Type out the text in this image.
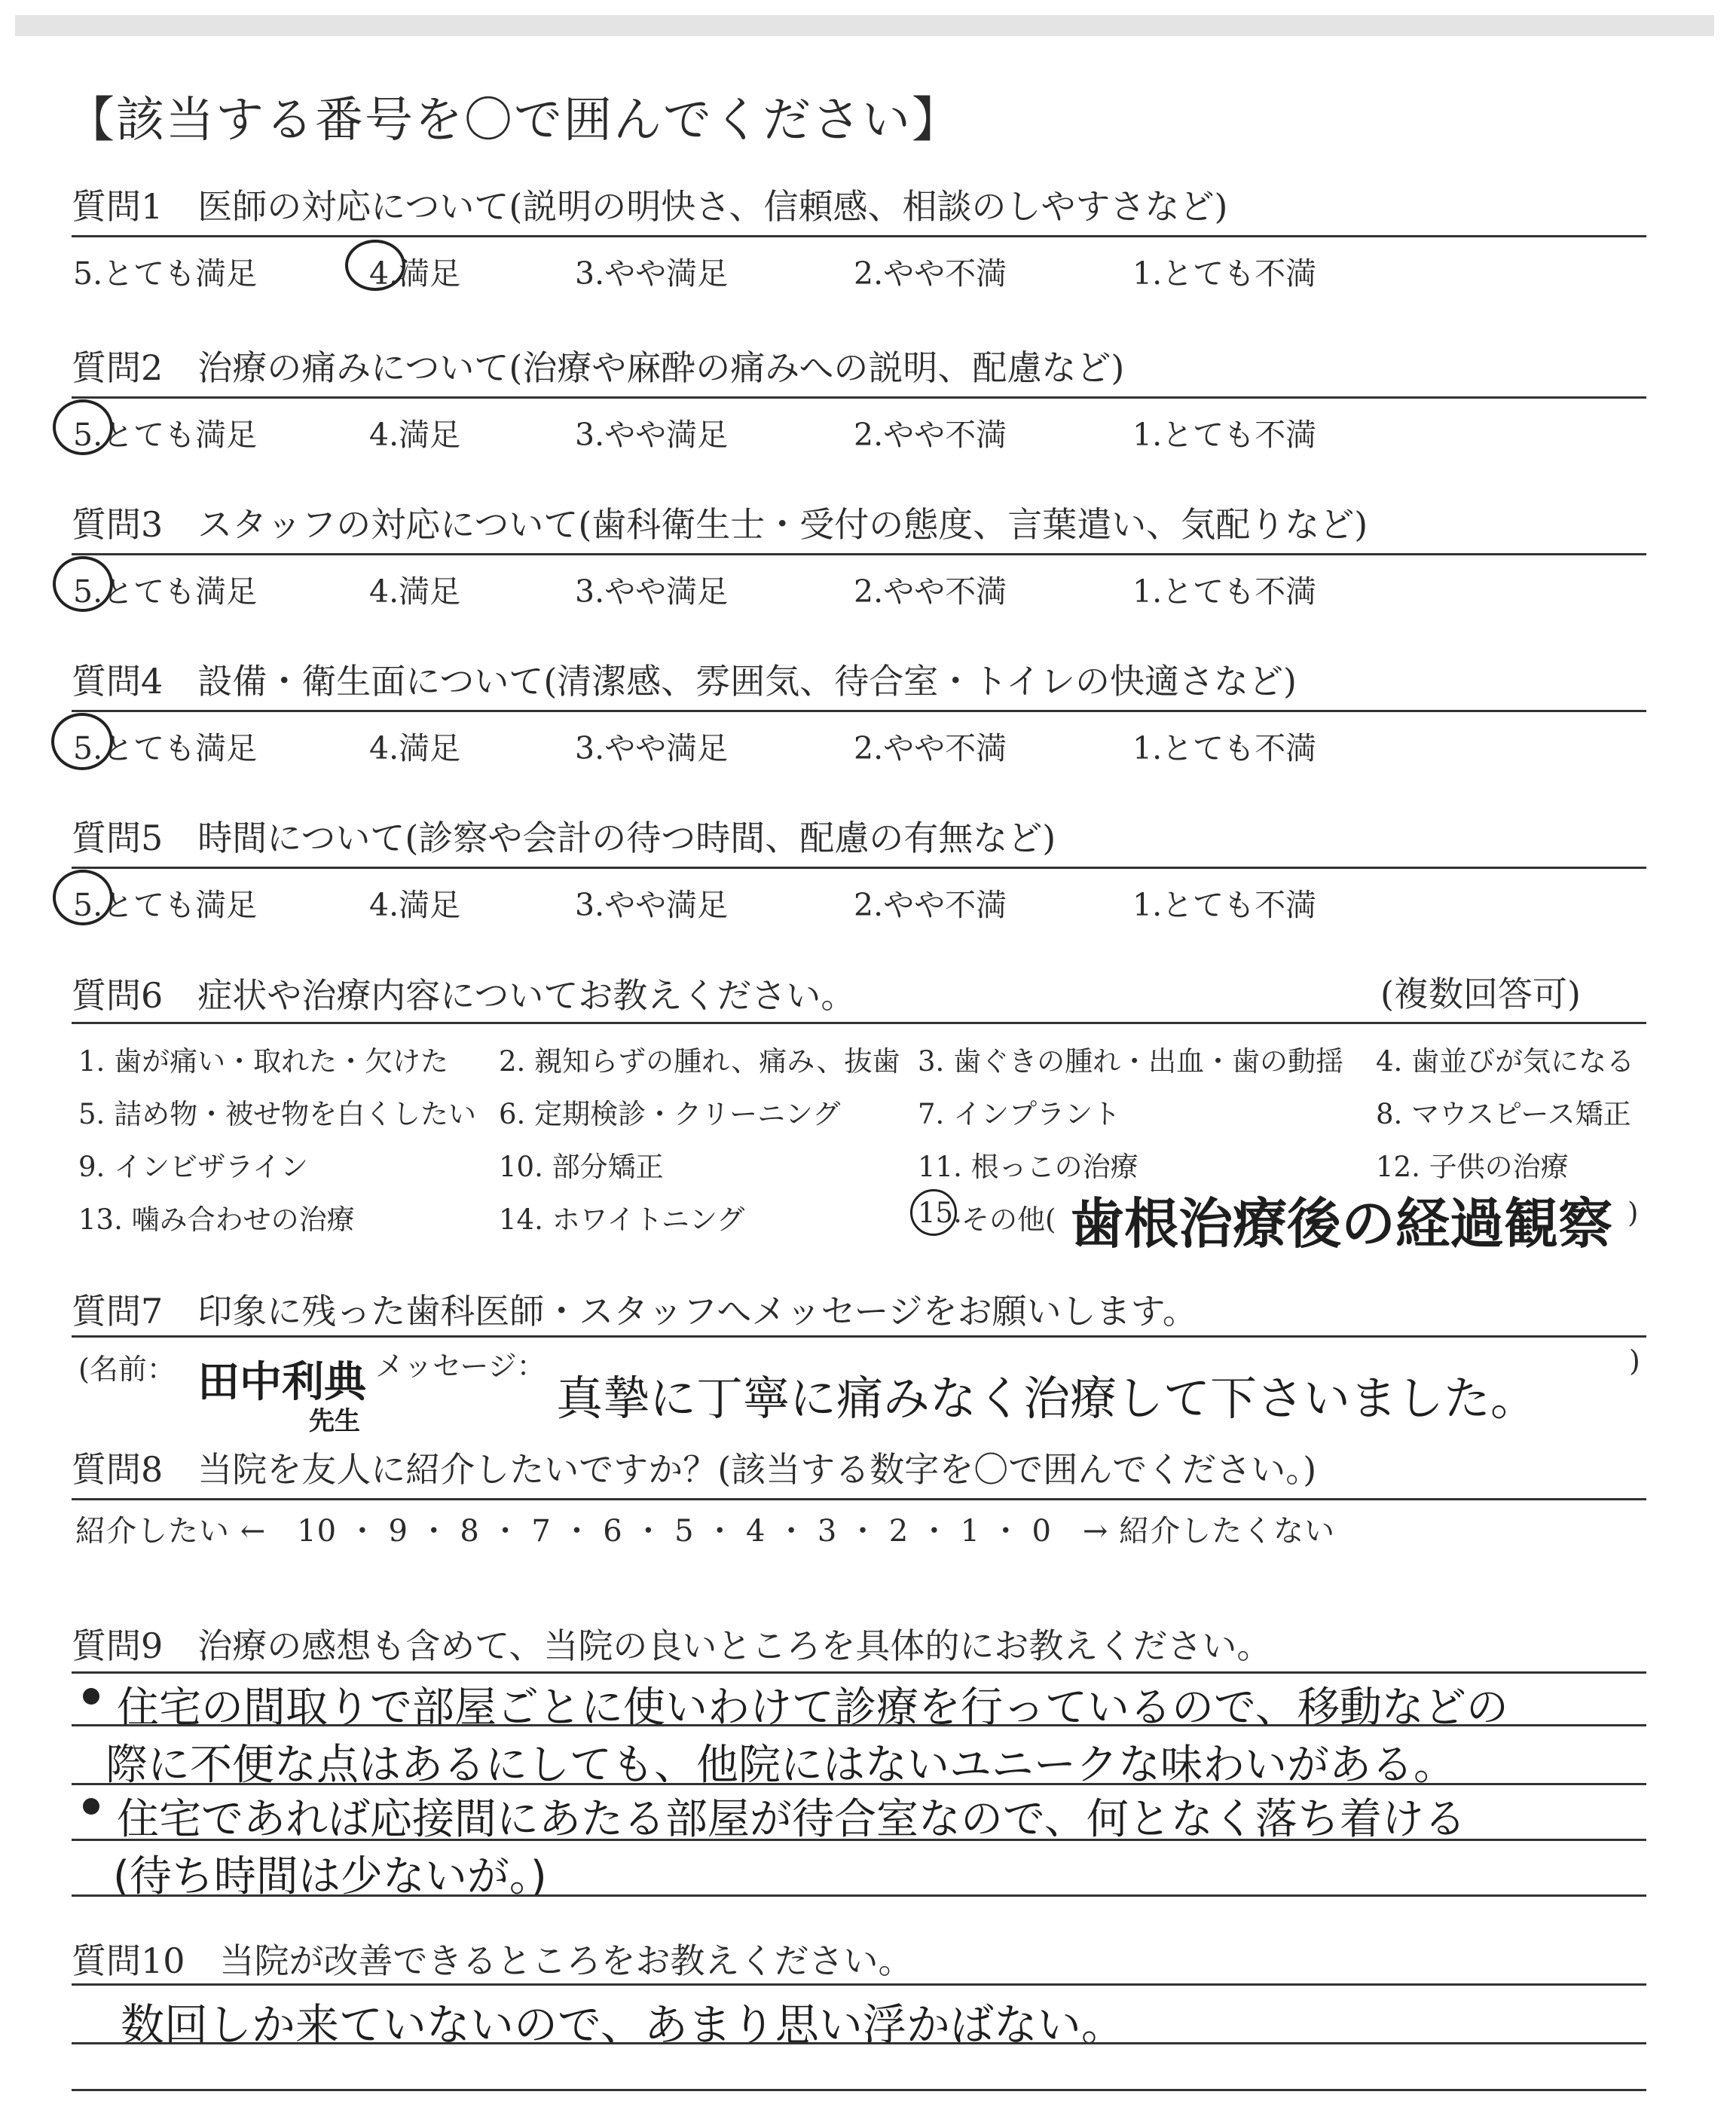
【該当する番号を〇で囲んでください】
質問1　医師の対応について(説明の明快さ、信頼感、相談のしやすさなど)
5.とても満足	4.満足	3.やや満足	2.やや不満	1.とても不満
質問2　治療の痛みについて(治療や麻酔の痛みへの説明、配慮など)
5.とても満足	4.満足	3.やや満足	2.やや不満	1.とても不満
質問3　スタッフの対応について(歯科衛生士・受付の態度、言葉遣い、気配りなど)
5.とても満足	4.満足	3.やや満足	2.やや不満	1.とても不満
質問4　設備・衛生面について(清潔感、雰囲気、待合室・トイレの快適さなど)
5.とても満足	4.満足	3.やや満足	2.やや不満	1.とても不満
質問5　時間について(診察や会計の待つ時間、配慮の有無など)
5.とても満足	4.満足	3.やや満足	2.やや不満	1.とても不満
質問6　症状や治療内容についてお教えください。	(複数回答可)
1. 歯が痛い・取れた・欠けた 2. 親知らずの腫れ、痛み、抜歯 3. 歯ぐきの腫れ・出血・歯の動揺 4. 歯並びが気になる
5. 詰め物・被せ物を白くしたい 6. 定期検診・クリーニング	7. インプラント	8. マウスピース矯正
9. インビザライン	10. 部分矯正	11. 根っこの治療	12. 子供の治療
13. 噛み合わせの治療	14. ホワイトニング	15. その他( 歯根治療後の経過観察 )
質問7　印象に残った歯科医師・スタッフへメッセージをお願いします。
(名前： 田中利典
先生
メッセージ：
真摯に丁寧に痛みなく治療して下さいました。
)
質問8　当院を友人に紹介したいですか？(該当する数字を〇で囲んでください。)
紹介したい ←　10 ・ 9 ・ 8 ・ 7 ・ 6 ・ 5 ・ 4 ・ 3 ・ 2 ・ 1 ・ 0　→ 紹介したくない
質問9　治療の感想も含めて、当院の良いところを具体的にお教えください。
住宅の間取りで部屋ごとに使いわけて診療を行っているので、移動などの
際に不便な点はあるにしても、他院にはないユニークな味わいがある。
住宅であれば応接間にあたる部屋が待合室なので、何となく落ち着ける
(待ち時間は少ないが。)
質問10　当院が改善できるところをお教えください。
数回しか来ていないので、あまり思い浮かばない。
